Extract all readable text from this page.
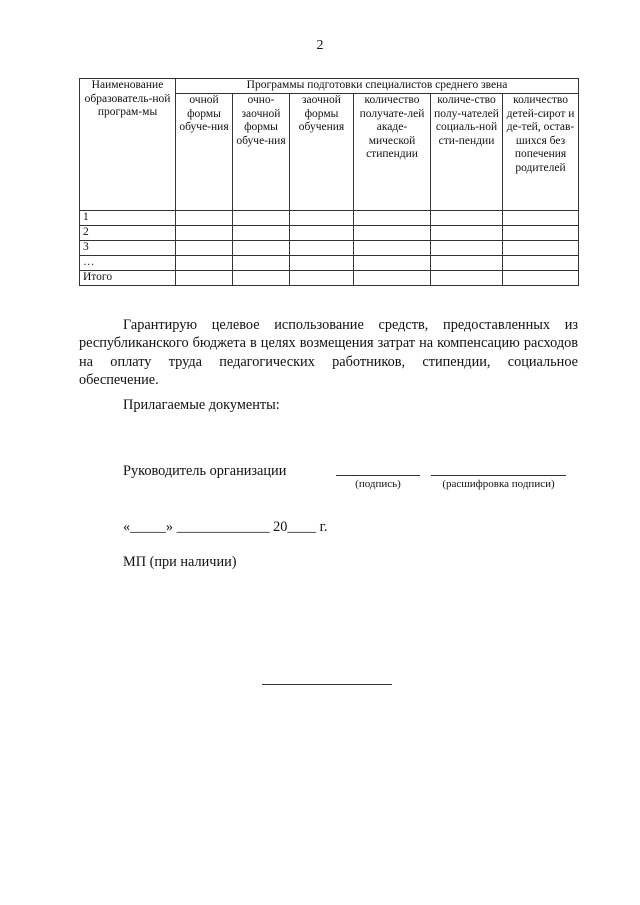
2
Наименование образователь-ной програм-мы	Программы подготовки специалистов среднего звена					
	очной формы обуче-ния	очно-заочной формы обуче-ния	заочной формы обучения	количество получате-лей акаде-мической стипендии	количе-ство полу-чателей социаль-ной сти-пендии	количество детей-сирот и де-тей, остав-шихся без попечения родителей
1						
2						
3						
…						
Итого						
Гарантирую целевое использование средств, предоставленных из республиканского бюджета в целях возмещения затрат на компенсацию расходов на оплату труда педагогических работников, стипендии, социальное обеспечение.
Прилагаемые документы:
Руководитель организации
(подпись)	(расшифровка подписи)
«_____» _____________ 20____ г.
МП (при наличии)
